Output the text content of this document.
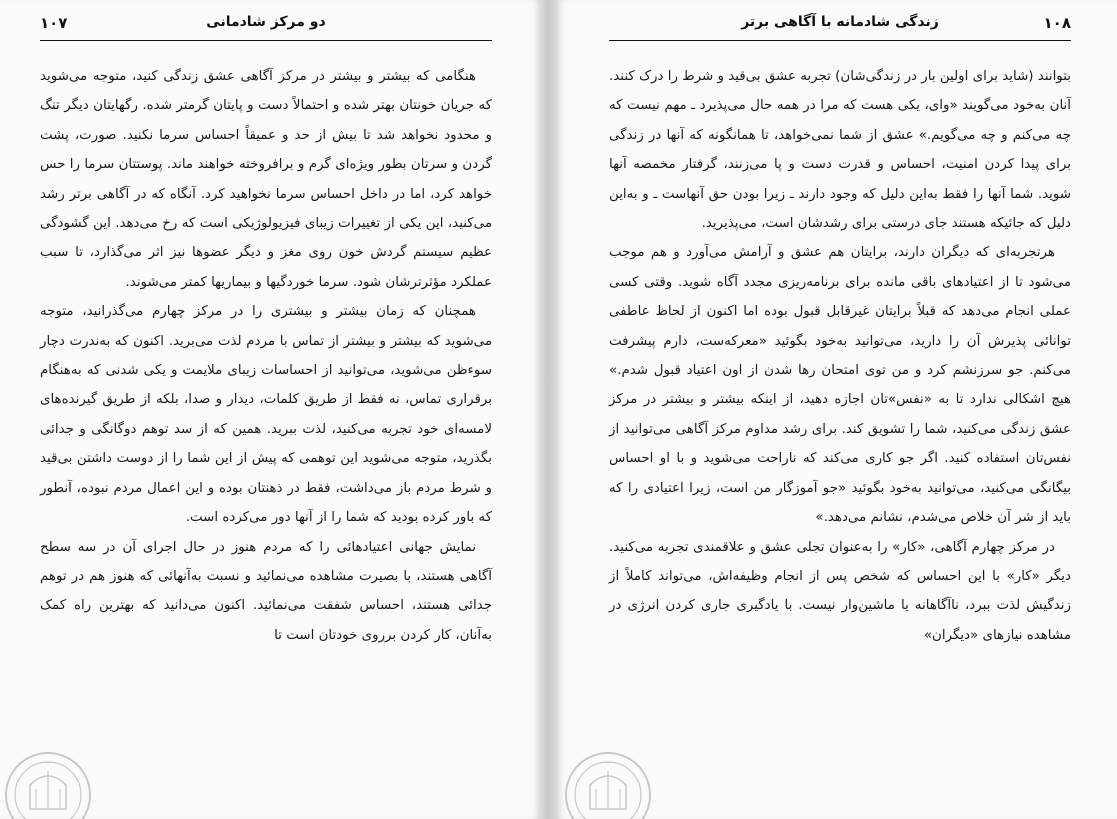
دو مرکز شادمانی
۱۰۷

هنگامی که بیشتر و بیشتر در مرکز آگاهی عشق زندگی کنید، متوجه می‌شوید که جریان خونتان بهتر شده و احتمالاً دست و پایتان گرمتر شده. رگهایتان دیگر تنگ و محدود نخواهد شد تا بیش از حد و عمیقاً احساس سرما نکنید. صورت، پشت گردن و سرتان بطور ویژه‌ای گرم و برافروخته خواهند ماند. پوستتان سرما را حس خواهد کرد، اما در داخل احساس سرما نخواهید کرد. آنگاه که در آگاهی برتر رشد می‌کنید، این یکی از تغییرات زیبای فیزیولوژیکی است که رخ می‌دهد. این گشودگی عظیم سیستم گردش خون روی مغز و دیگر عضوها نیز اثر می‌گذارد، تا سبب عملکرد مؤثرترشان شود. سرما خوردگیها و بیماریها کمتر می‌شوند.

همچنان که زمان بیشتر و بیشتری را در مرکز چهارم می‌گذرانید، متوجه می‌شوید که بیشتر و بیشتر از تماس با مردم لذت می‌برید. اکنون که به‌ندرت دچار سوءظن می‌شوید، می‌توانید از احساسات زیبای ملایمت و یکی شدنی که به‌هنگام برقراری تماس، نه فقط از طریق کلمات، دیدار و صدا، بلکه از طریق گیرنده‌های لامسه‌ای خود تجربه می‌کنید، لذت ببرید. همین که از سد توهم دوگانگی و جدائی بگذرید، متوجه می‌شوید این توهمی که پیش از این شما را از دوست داشتن بی‌قید و شرط مردم باز می‌داشت، فقط در ذهنتان بوده و این اعمال مردم نبوده، آنطور که باور کرده بودید که شما را از آنها دور می‌کرده است.

نمایش جهانی اعتیادهائی را که مردم هنوز در حال اجرای آن در سه سطح آگاهی هستند، با بصیرت مشاهده می‌نمائید و نسبت به‌آنهائی که هنوز هم در توهم جدائی هستند، احساس شفقت می‌نمائید. اکنون می‌دانید که بهترین راه کمک به‌آنان، کار کردن بر‌روی خودتان است تا

زندگی شادمانه با آگاهی برتر	۱۰۸

بتوانند (شاید برای اولین بار در زندگی‌شان) تجربه عشق بی‌قید و شرط را درک کنند. آنان به‌خود می‌گویند «وای، یکی هست که مرا در همه حال می‌پذیرد ـ مهم نیست که چه می‌کنم و چه می‌گویم.» عشق از شما نمی‌خواهد، تا همانگونه که آنها در زندگی برای پیدا کردن امنیت، احساس و قدرت دست و پا می‌زنند، گرفتار مخمصه آنها شوید. شما آنها را فقط به‌این دلیل که وجود دارند ـ زیرا بودن حق آنهاست ـ و به‌این دلیل که جائیکه هستند جای درستی برای رشدشان است، می‌پذیرید.

هرتجربه‌ای که دیگران دارند، برایتان هم عشق و آرامش می‌آورد و هم موجب می‌شود تا از اعتیادهای باقی مانده برای برنامه‌ریزی مجدد آگاه شوید. وقتی کسی عملی انجام می‌دهد که قبلاً برایتان غیرقابل قبول بوده اما اکنون از لحاظ عاطفی توانائی پذیرش آن را دارید، می‌توانید به‌خود بگوئید «معرکه‌ست، دارم پیشرفت می‌کنم. جو سرزنشم کرد و من توی امتحان رها شدن از اون اعتیاد قبول شدم.» هیچ اشکالی ندارد تا به «نفس»تان اجازه دهید، از اینکه بیشتر و بیشتر در مرکز عشق زندگی می‌کنید، شما را تشویق کند. برای رشد مداوم مرکز آگاهی می‌توانید از نفس‌تان استفاده کنید. اگر جو کاری می‌کند که ناراحت می‌شوید و با او احساس بیگانگی می‌کنید، می‌توانید به‌خود بگوئید «جو آموزگار من است، زیرا اعتیادی را که باید از شر آن خلاص می‌شدم، نشانم می‌دهد.»

در مرکز چهارم آگاهی، «کار» را به‌عنوان تجلی عشق و علاقمندی تجربه می‌کنید. دیگر «کار» با این احساس که شخص پس از انجام وظیفه‌اش، می‌تواند کاملاً از زندگیش لذت ببرد، ناآگاهانه یا ماشین‌وار نیست. با یادگیری جاری کردن انرژی در مشاهده نیازهای «دیگران»
